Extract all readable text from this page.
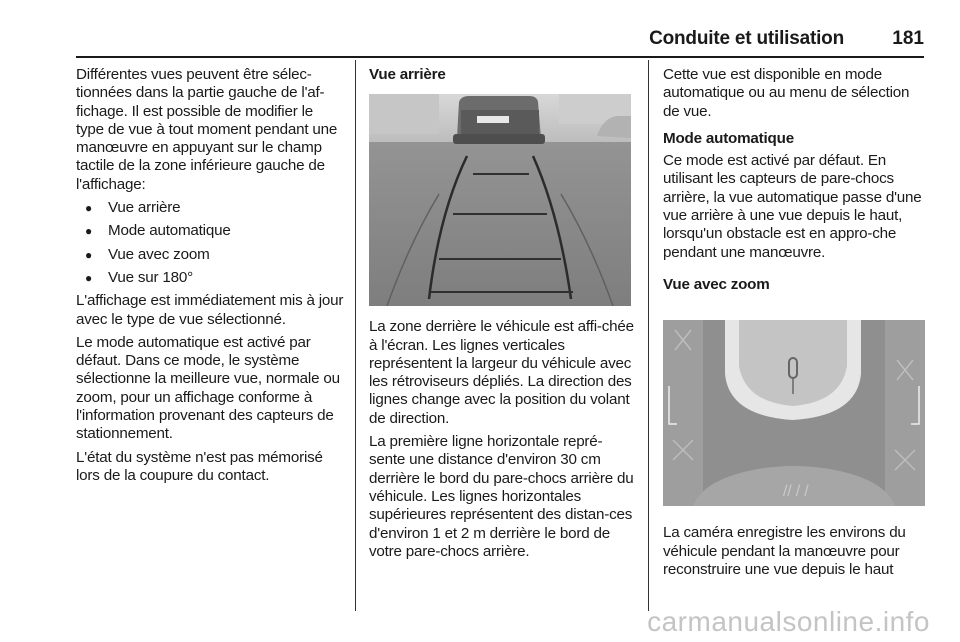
Conduite et utilisation	181

Différentes vues peuvent être sélec-tionnées dans la partie gauche de l'af-fichage. Il est possible de modifier le type de vue à tout moment pendant une manœuvre en appuyant sur le champ tactile de la zone inférieure gauche de l'affichage:

● Vue arrière
● Mode automatique
● Vue avec zoom
● Vue sur 180°

L'affichage est immédiatement mis à jour avec le type de vue sélectionné.

Le mode automatique est activé par défaut. Dans ce mode, le système sélectionne la meilleure vue, normale ou zoom, pour un affichage conforme à l'information provenant des capteurs de stationnement.

L'état du système n'est pas mémorisé lors de la coupure du contact.

Vue arrière

La zone derrière le véhicule est affi-chée à l'écran. Les lignes verticales représentent la largeur du véhicule avec les rétroviseurs dépliés. La direction des lignes change avec la position du volant de direction.

La première ligne horizontale repré-sente une distance d'environ 30 cm derrière le bord du pare-chocs arrière du véhicule. Les lignes horizontales supérieures représentent des distan-ces d'environ 1 et 2 m derrière le bord de votre pare-chocs arrière.

Cette vue est disponible en mode automatique ou au menu de sélection de vue.

Mode automatique

Ce mode est activé par défaut. En utilisant les capteurs de pare-chocs arrière, la vue automatique passe d'une vue arrière à une vue depuis le haut, lorsqu'un obstacle est en appro-che pendant une manœuvre.

Vue avec zoom
// / /

La caméra enregistre les environs du véhicule pendant la manœuvre pour reconstruire une vue depuis le haut

carmanualsonline.info
